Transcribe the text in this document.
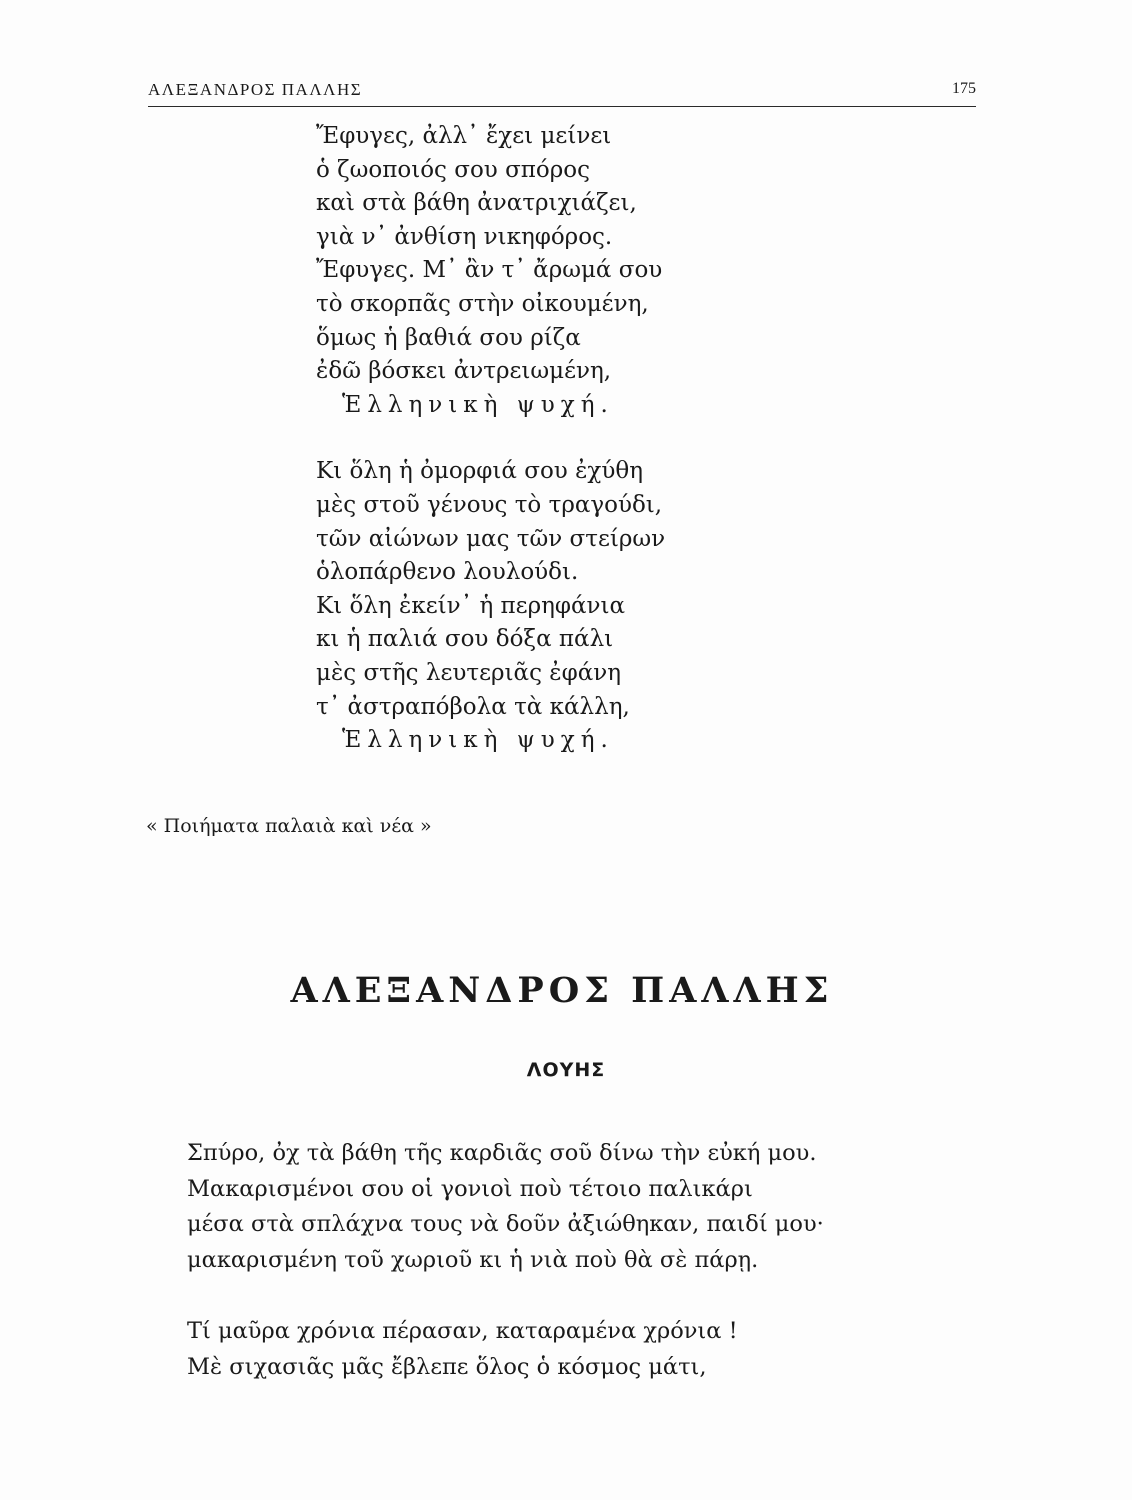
ΑΛΕΞΑΝΔΡΟΣ ΠΑΛΛΗΣ	175
Ἔφυγες, ἀλλ᾿ ἔχει μείνει
ὁ ζωοποιός σου σπόρος
καὶ στὰ βάθη ἀνατριχιάζει,
γιὰ ν᾿ ἀνθίση νικηφόρος.
Ἔφυγες. Μ᾿ ἂν τ᾿ ἄρωμά σου
τὸ σκορπᾶς στὴν οἰκουμένη,
ὅμως ἡ βαθιά σου ρίζα
ἐδῶ βόσκει ἀντρειωμένη,
Ἑλληνικὴ ψυχή.
Κι ὅλη ἡ ὀμορφιά σου ἐχύθη
μὲς στοῦ γένους τὸ τραγούδι,
τῶν αἰώνων μας τῶν στείρων
ὁλοπάρθενο λουλούδι.
Κι ὅλη ἐκείν᾿ ἡ περηφάνια
κι ἡ παλιά σου δόξα πάλι
μὲς στῆς λευτεριᾶς ἐφάνη
τ᾿ ἀστραπόβολα τὰ κάλλη,
Ἑλληνικὴ ψυχή.
« Ποιήματα παλαιὰ καὶ νέα »
ΑΛΕΞΑΝΔΡΟΣ ΠΑΛΛΗΣ
ΛΟΥΗΣ
Σπύρο, ὀχ τὰ βάθη τῆς καρδιᾶς σοῦ δίνω τὴν εὐκή μου.
Μακαρισμένοι σου οἱ γονιοὶ ποὺ τέτοιο παλικάρι
μέσα στὰ σπλάχνα τους νὰ δοῦν ἀξιώθηκαν, παιδί μου·
μακαρισμένη τοῦ χωριοῦ κι ἡ νιὰ ποὺ θὰ σὲ πάρῃ.
Τί μαῦρα χρόνια πέρασαν, καταραμένα χρόνια !
Μὲ σιχασιᾶς μᾶς ἔβλεπε ὅλος ὁ κόσμος μάτι,
